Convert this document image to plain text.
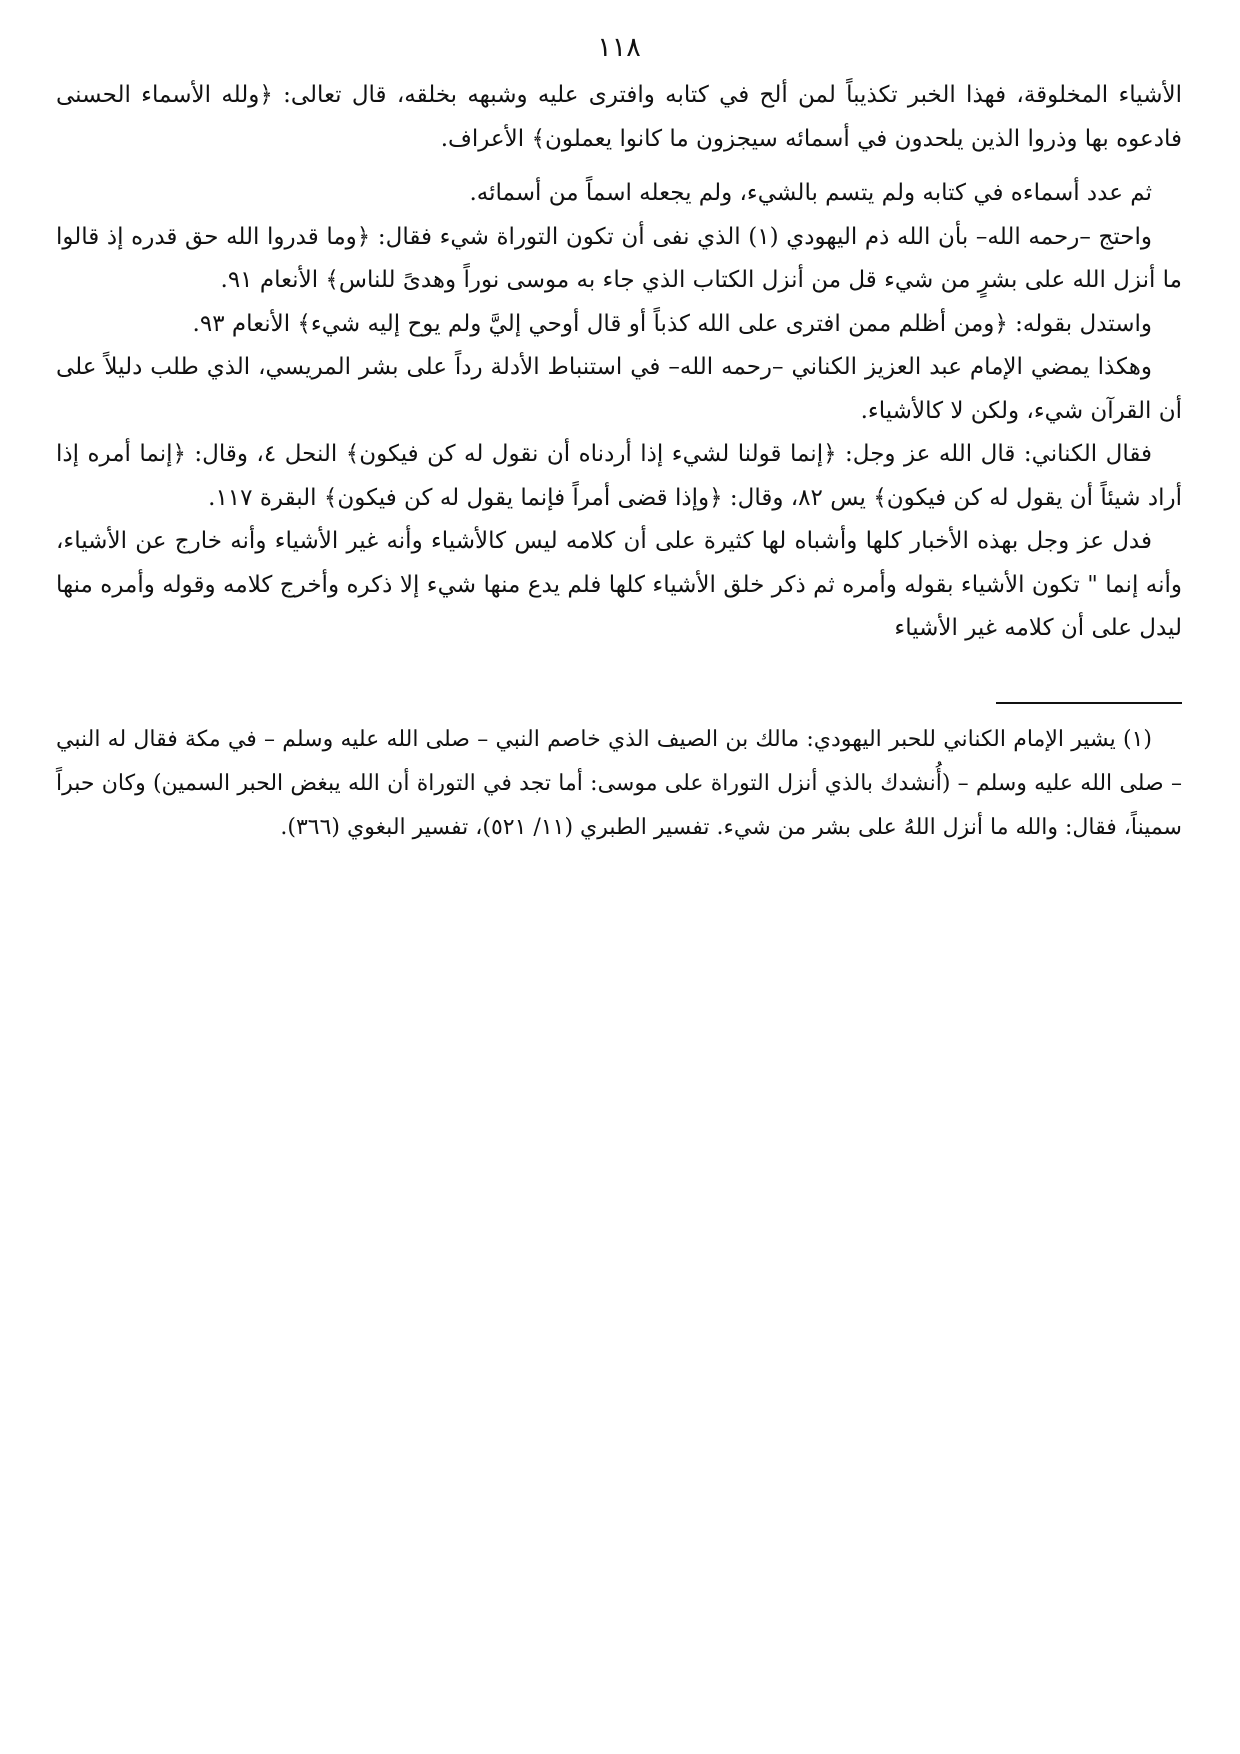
١١٨

الأشياء المخلوقة، فهذا الخبر تكذيباً لمن ألح في كتابه وافترى عليه وشبهه بخلقه، قال تعالى: ﴿ولله الأسماء الحسنى فادعوه بها وذروا الذين يلحدون في أسمائه سيجزون ما كانوا يعملون﴾ الأعراف.

ثم عدد أسماءه في كتابه ولم يتسم بالشيء، ولم يجعله اسماً من أسمائه.

واحتج –رحمه الله– بأن الله ذم اليهودي (١) الذي نفى أن تكون التوراة شيء فقال: ﴿وما قدروا الله حق قدره إذ قالوا ما أنزل الله على بشرٍ من شيء قل من أنزل الكتاب الذي جاء به موسى نوراً وهدىً للناس﴾ الأنعام ٩١.

واستدل بقوله: ﴿ومن أظلم ممن افترى على الله كذباً أو قال أوحي إليَّ ولم يوح إليه شيء﴾ الأنعام ٩٣.

وهكذا يمضي الإمام عبد العزيز الكناني –رحمه الله– في استنباط الأدلة رداً على بشر المريسي، الذي طلب دليلاً على أن القرآن شيء، ولكن لا كالأشياء.

فقال الكناني: قال الله عز وجل: ﴿إنما قولنا لشيء إذا أردناه أن نقول له كن فيكون﴾ النحل ٤، وقال: ﴿إنما أمره إذا أراد شيئاً أن يقول له كن فيكون﴾ يس ٨٢، وقال: ﴿وإذا قضى أمراً فإنما يقول له كن فيكون﴾ البقرة ١١٧.

فدل عز وجل بهذه الأخبار كلها وأشباه لها كثيرة على أن كلامه ليس كالأشياء وأنه غير الأشياء وأنه خارج عن الأشياء، وأنه إنما " تكون الأشياء بقوله وأمره ثم ذكر خلق الأشياء كلها فلم يدع منها شيء إلا ذكره وأخرج كلامه وقوله وأمره منها ليدل على أن كلامه غير الأشياء

(١) يشير الإمام الكناني للحبر اليهودي: مالك بن الصيف الذي خاصم النبي – صلى الله عليه وسلم – في مكة فقال له النبي – صلى الله عليه وسلم – (أُنشدك بالذي أنزل التوراة على موسى: أما تجد في التوراة أن الله يبغض الحبر السمين) وكان حبراً سميناً، فقال: والله ما أنزل اللهُ على بشر من شيء. تفسير الطبري (١١/ ٥٢١)، تفسير البغوي (٣٦٦).
